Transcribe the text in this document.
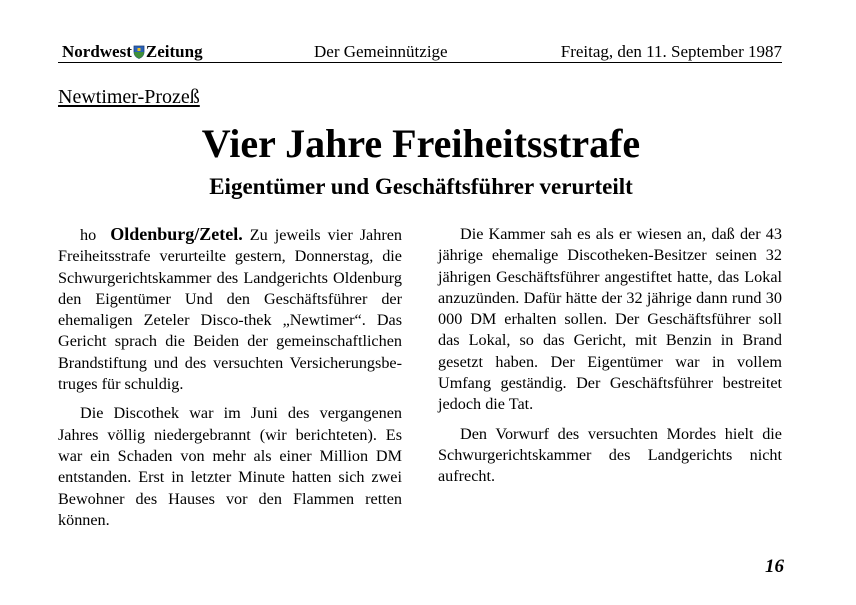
Nordwest Zeitung	Der Gemeinnützige	Freitag, den 11. September 1987
Newtimer-Prozeß
Vier Jahre Freiheitsstrafe
Eigentümer und Geschäftsführer verurteilt

ho Oldenburg/Zetel. Zu jeweils vier Jahren Freiheitsstrafe verurteilte gestern, Donnerstag, die Schwurgerichtskammer des Landgerichts Oldenburg den Eigentümer Und den Geschäftsführer der ehemaligen Zeteler Disco-thek „Newtimer“. Das Gericht sprach die Beiden der gemeinschaftlichen Brandstiftung und des versuchten Versicherungsbetruges für schuldig.

Die Discothek war im Juni des vergangenen Jahres völlig niedergebrannt (wir berichteten). Es war ein Schaden von mehr als einer Million DM entstanden. Erst in letzter Minute hatten sich zwei Bewohner des Hauses vor den Flammen retten können.

Die Kammer sah es als er wiesen an, daß der 43 jährige ehemalige Discotheken-Besitzer seinen 32 jährigen Geschäftsführer angestiftet hatte, das Lokal anzuzünden. Dafür hätte der 32 jährige dann rund 30 000 DM erhalten sollen. Der Geschäftsführer soll das Lokal, so das Gericht, mit Benzin in Brand gesetzt haben. Der Eigentümer war in vollem Umfang geständig. Der Geschäftsführer bestreitet jedoch die Tat.

Den Vorwurf des versuchten Mordes hielt die Schwurgerichtskammer des Landgerichts nicht aufrecht.

16
